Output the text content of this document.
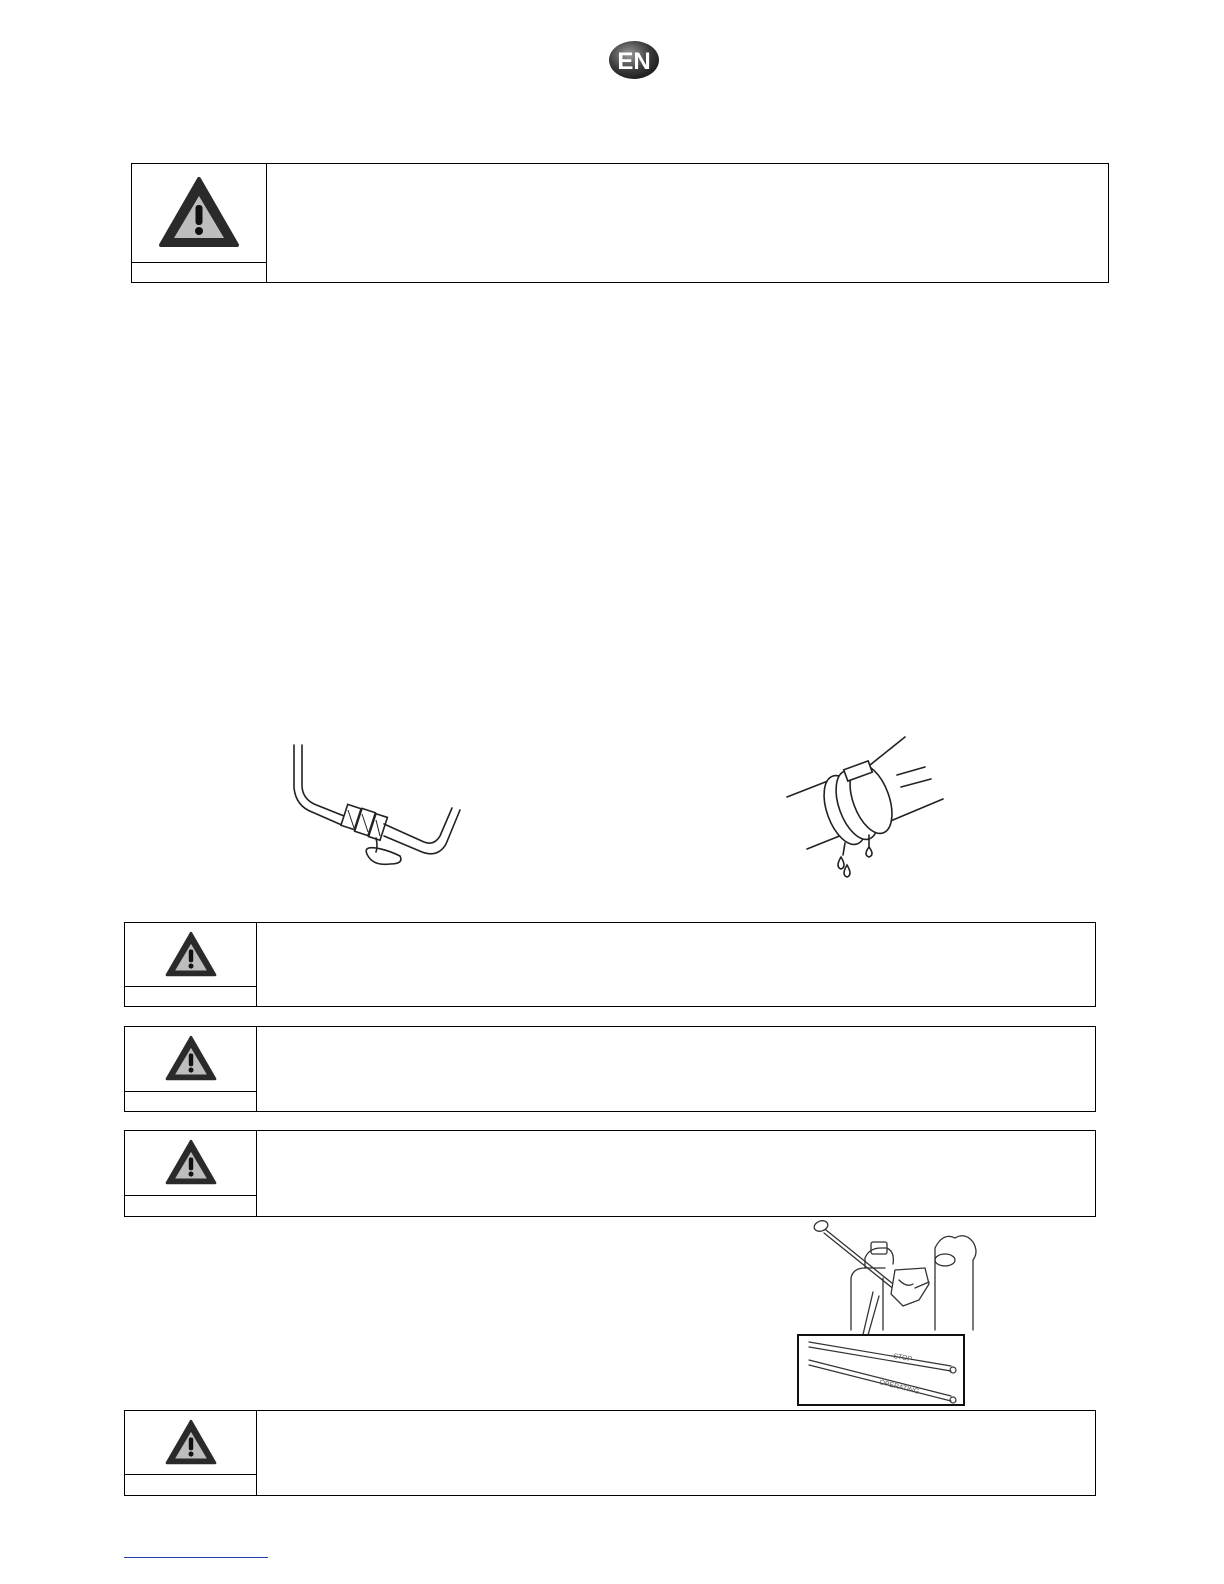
EN
STOP
OPERATING
